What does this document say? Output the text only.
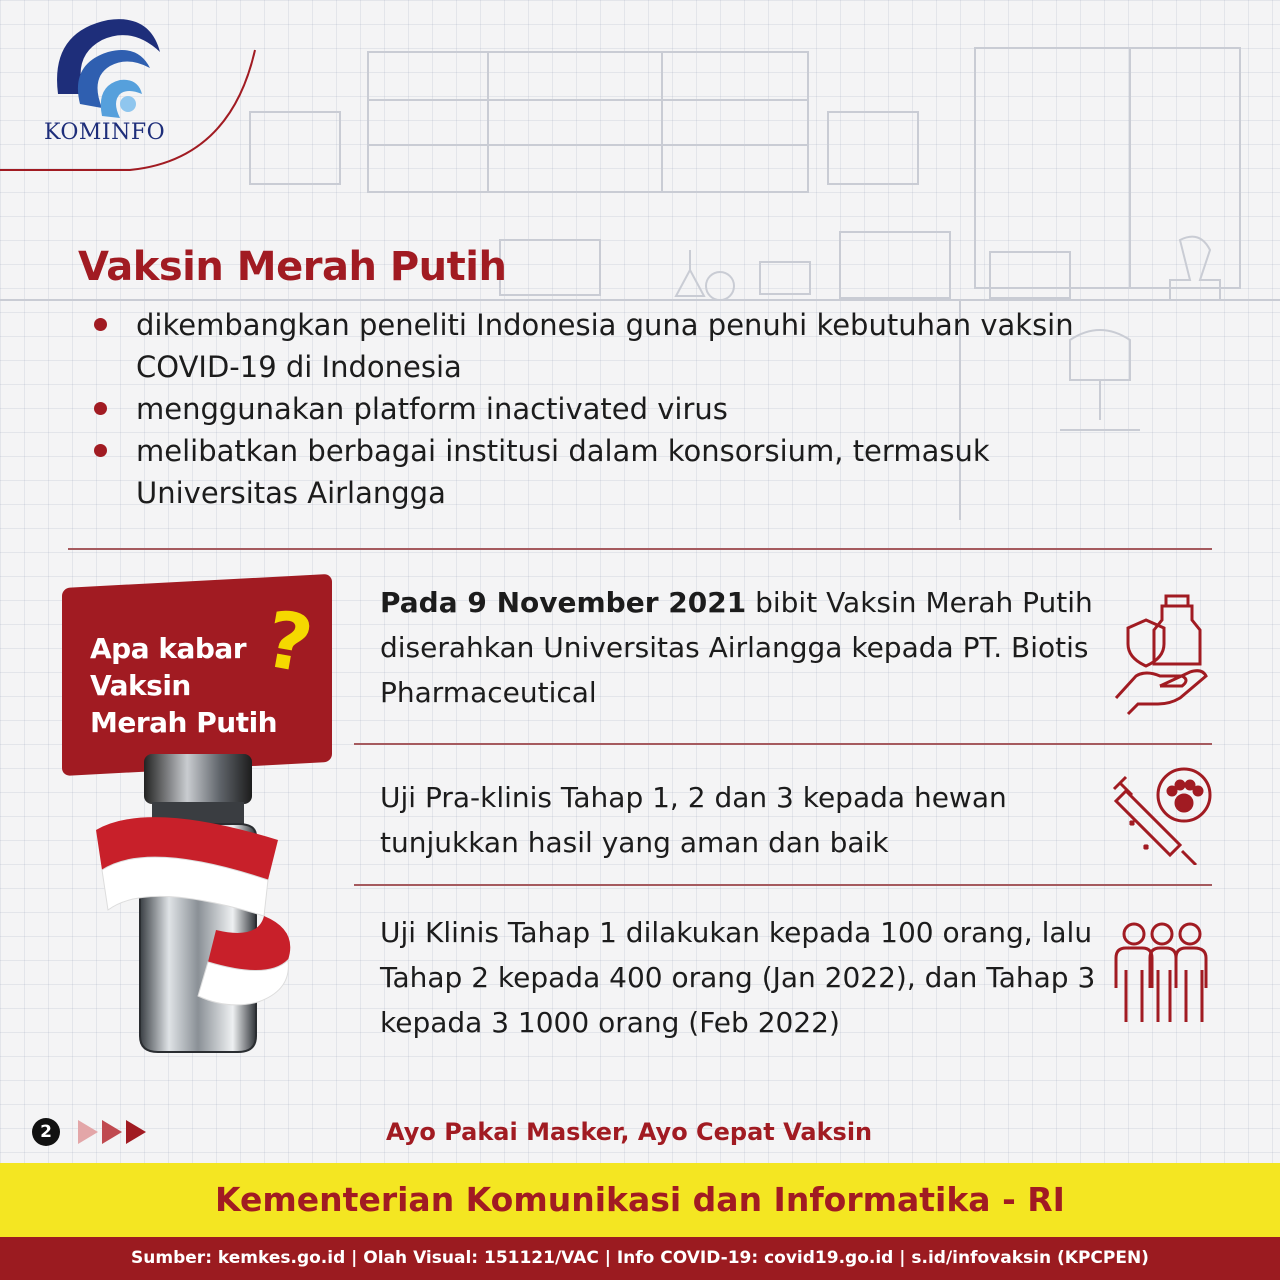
KOMINFO
Vaksin Merah Putih
dikembangkan peneliti Indonesia guna penuhi kebutuhan vaksin COVID-19 di Indonesia
menggunakan platform inactivated virus
melibatkan berbagai institusi dalam konsorsium, termasuk Universitas Airlangga
Apa kabar
Vaksin
Merah Putih
? Pada 9 November 2021 bibit Vaksin Merah Putih diserahkan Universitas Airlangga kepada PT. Biotis Pharmaceutical
Uji Pra-klinis Tahap 1, 2 dan 3 kepada hewan tunjukkan hasil yang aman dan baik
Uji Klinis Tahap 1 dilakukan kepada 100 orang, lalu Tahap 2 kepada 400 orang (Jan 2022), dan Tahap 3 kepada 3 1000 orang (Feb 2022)
2	Ayo Pakai Masker, Ayo Cepat Vaksin
Kementerian Komunikasi dan Informatika - RI
Sumber: kemkes.go.id | Olah Visual: 151121/VAC | Info COVID-19: covid19.go.id | s.id/infovaksin (KPCPEN)
